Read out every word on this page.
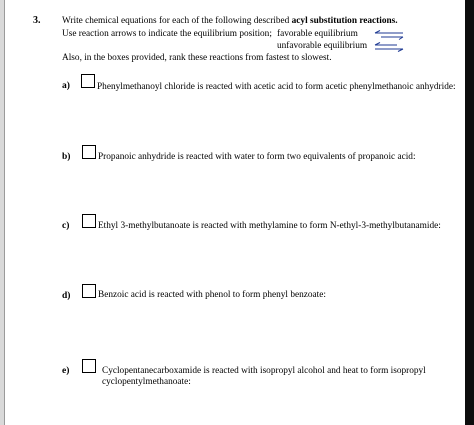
3. Write chemical equations for each of the following described acyl substitution reactions.
Use reaction arrows to indicate the equilibrium position; favorable equilibrium
unfavorable equilibrium
Also, in the boxes provided, rank these reactions from fastest to slowest.
a)	Phenylmethanoyl chloride is reacted with acetic acid to form acetic phenylmethanoic anhydride:
b)	Propanoic anhydride is reacted with water to form two equivalents of propanoic acid:
c)	Ethyl 3-methylbutanoate is reacted with methylamine to form N-ethyl-3-methylbutanamide:
d)	Benzoic acid is reacted with phenol to form phenyl benzoate:
e)	Cyclopentanecarboxamide is reacted with isopropyl alcohol and heat to form isopropyl
cyclopentylmethanoate:
